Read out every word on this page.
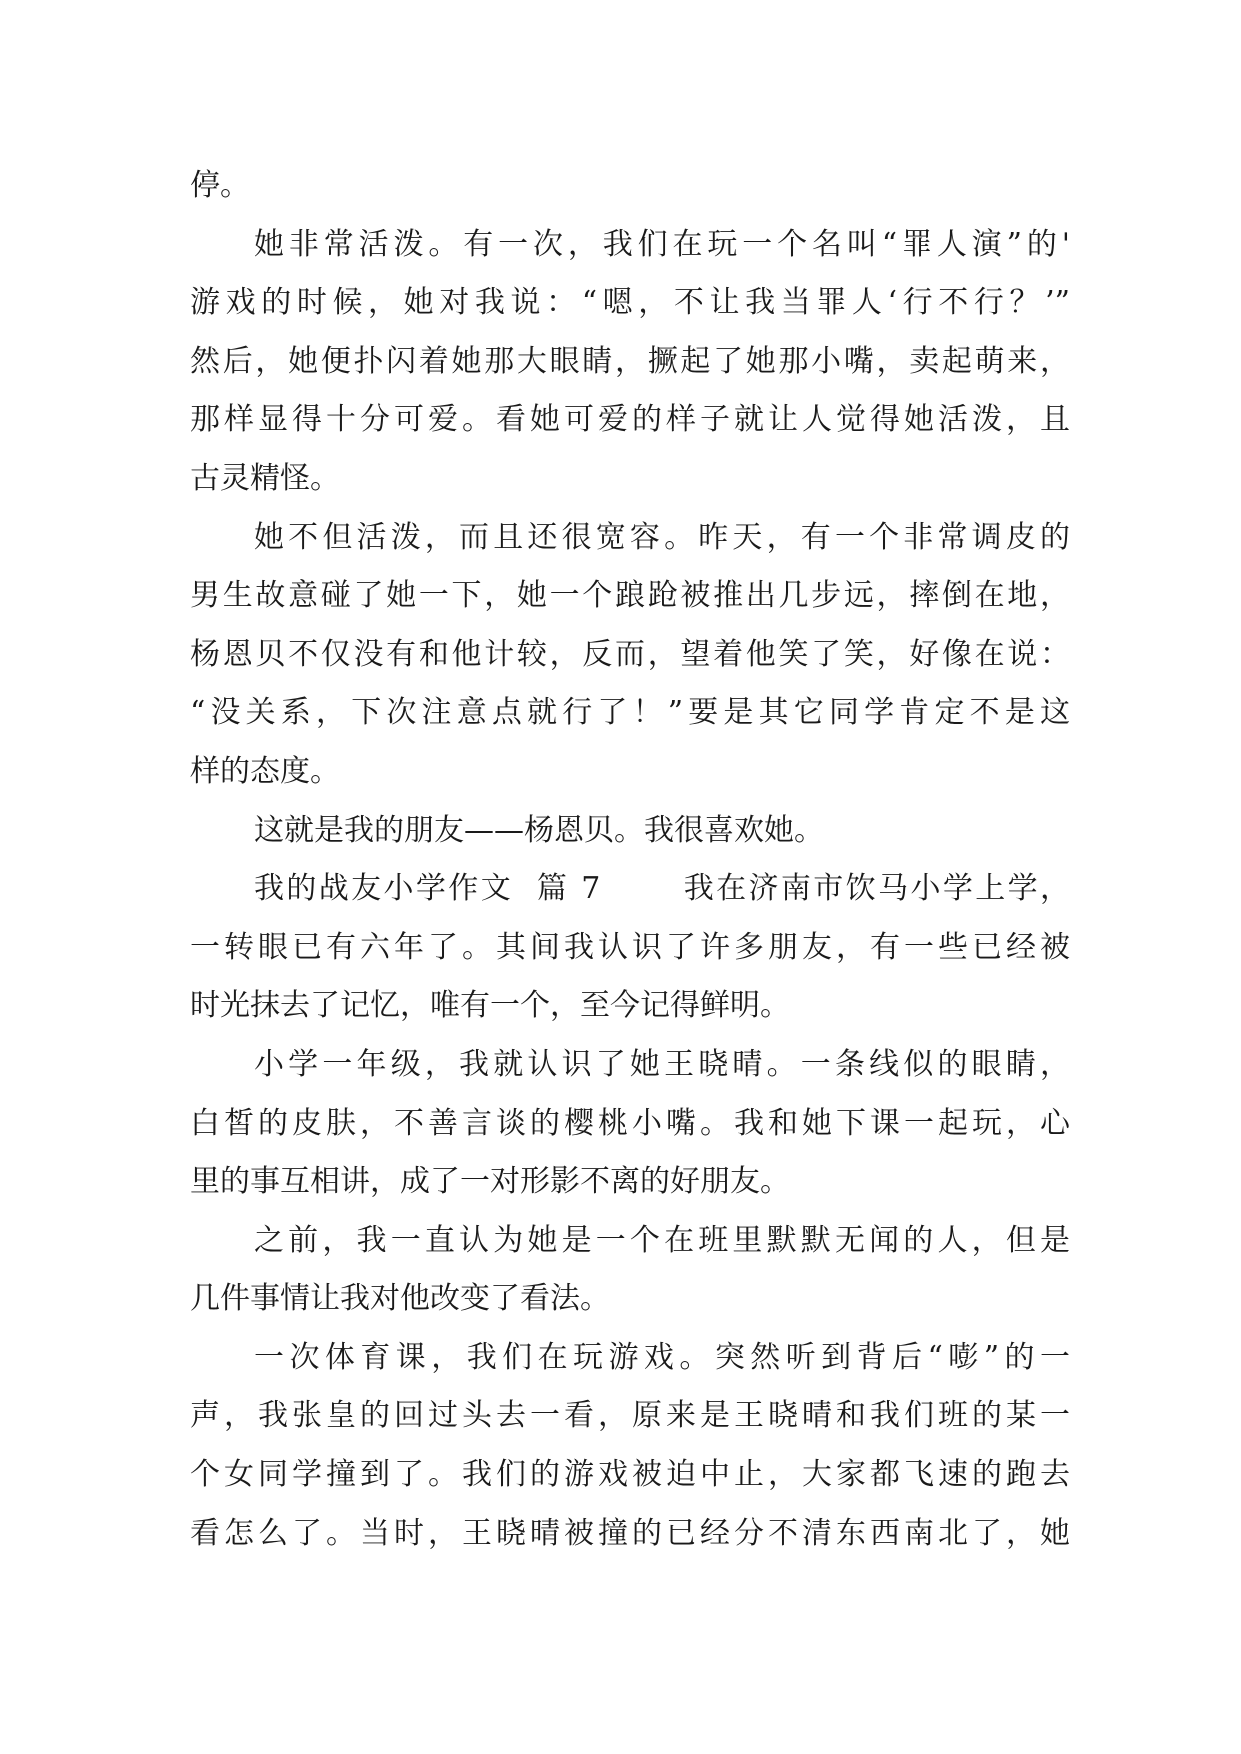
停。
她非常活泼。有一次，我们在玩一个名叫“罪人演”的'
游戏的时候，她对我说：“嗯，不让我当罪人‘行不行？’”
然后，她便扑闪着她那大眼睛，撅起了她那小嘴，卖起萌来，
那样显得十分可爱。看她可爱的样子就让人觉得她活泼，且
古灵精怪。
她不但活泼，而且还很宽容。昨天，有一个非常调皮的
男生故意碰了她一下，她一个踉跄被推出几步远，摔倒在地，
杨恩贝不仅没有和他计较，反而，望着他笑了笑，好像在说：
“没关系，下次注意点就行了！”要是其它同学肯定不是这
样的态度。
这就是我的朋友——杨恩贝。我很喜欢她。
我的战友小学作文  篇 7       我在济南市饮马小学上学，
一转眼已有六年了。其间我认识了许多朋友，有一些已经被
时光抹去了记忆，唯有一个，至今记得鲜明。
小学一年级，我就认识了她王晓晴。一条线似的眼睛，
白皙的皮肤，不善言谈的樱桃小嘴。我和她下课一起玩，心
里的事互相讲，成了一对形影不离的好朋友。
之前，我一直认为她是一个在班里默默无闻的人，但是
几件事情让我对他改变了看法。
一次体育课，我们在玩游戏。突然听到背后“嘭”的一
声，我张皇的回过头去一看，原来是王晓晴和我们班的某一
个女同学撞到了。我们的游戏被迫中止，大家都飞速的跑去
看怎么了。当时，王晓晴被撞的已经分不清东西南北了，她
